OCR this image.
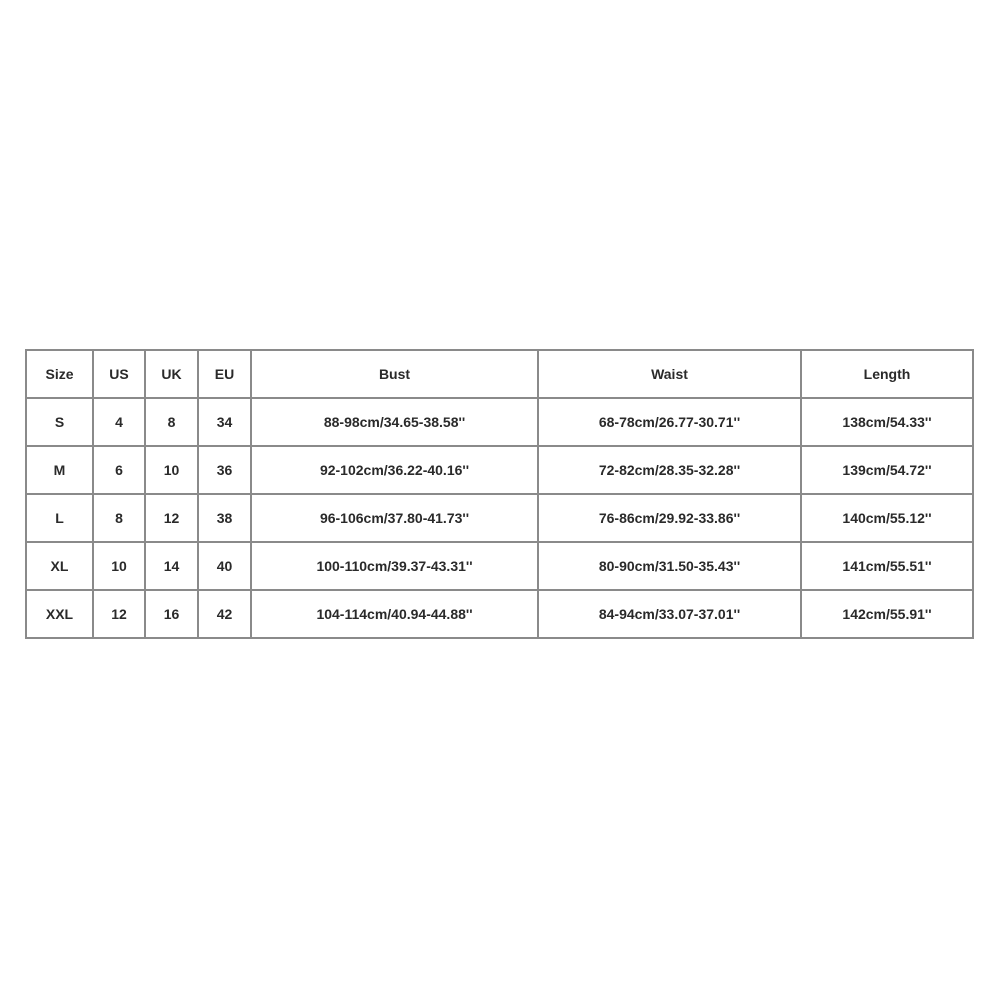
Size	US	UK	EU	Bust	Waist	Length
S	4	8	34	88-98cm/34.65-38.58''	68-78cm/26.77-30.71''	138cm/54.33''
M	6	10	36	92-102cm/36.22-40.16''	72-82cm/28.35-32.28''	139cm/54.72''
L	8	12	38	96-106cm/37.80-41.73''	76-86cm/29.92-33.86''	140cm/55.12''
XL	10	14	40	100-110cm/39.37-43.31''	80-90cm/31.50-35.43''	141cm/55.51''
XXL	12	16	42	104-114cm/40.94-44.88''	84-94cm/33.07-37.01''	142cm/55.91''
